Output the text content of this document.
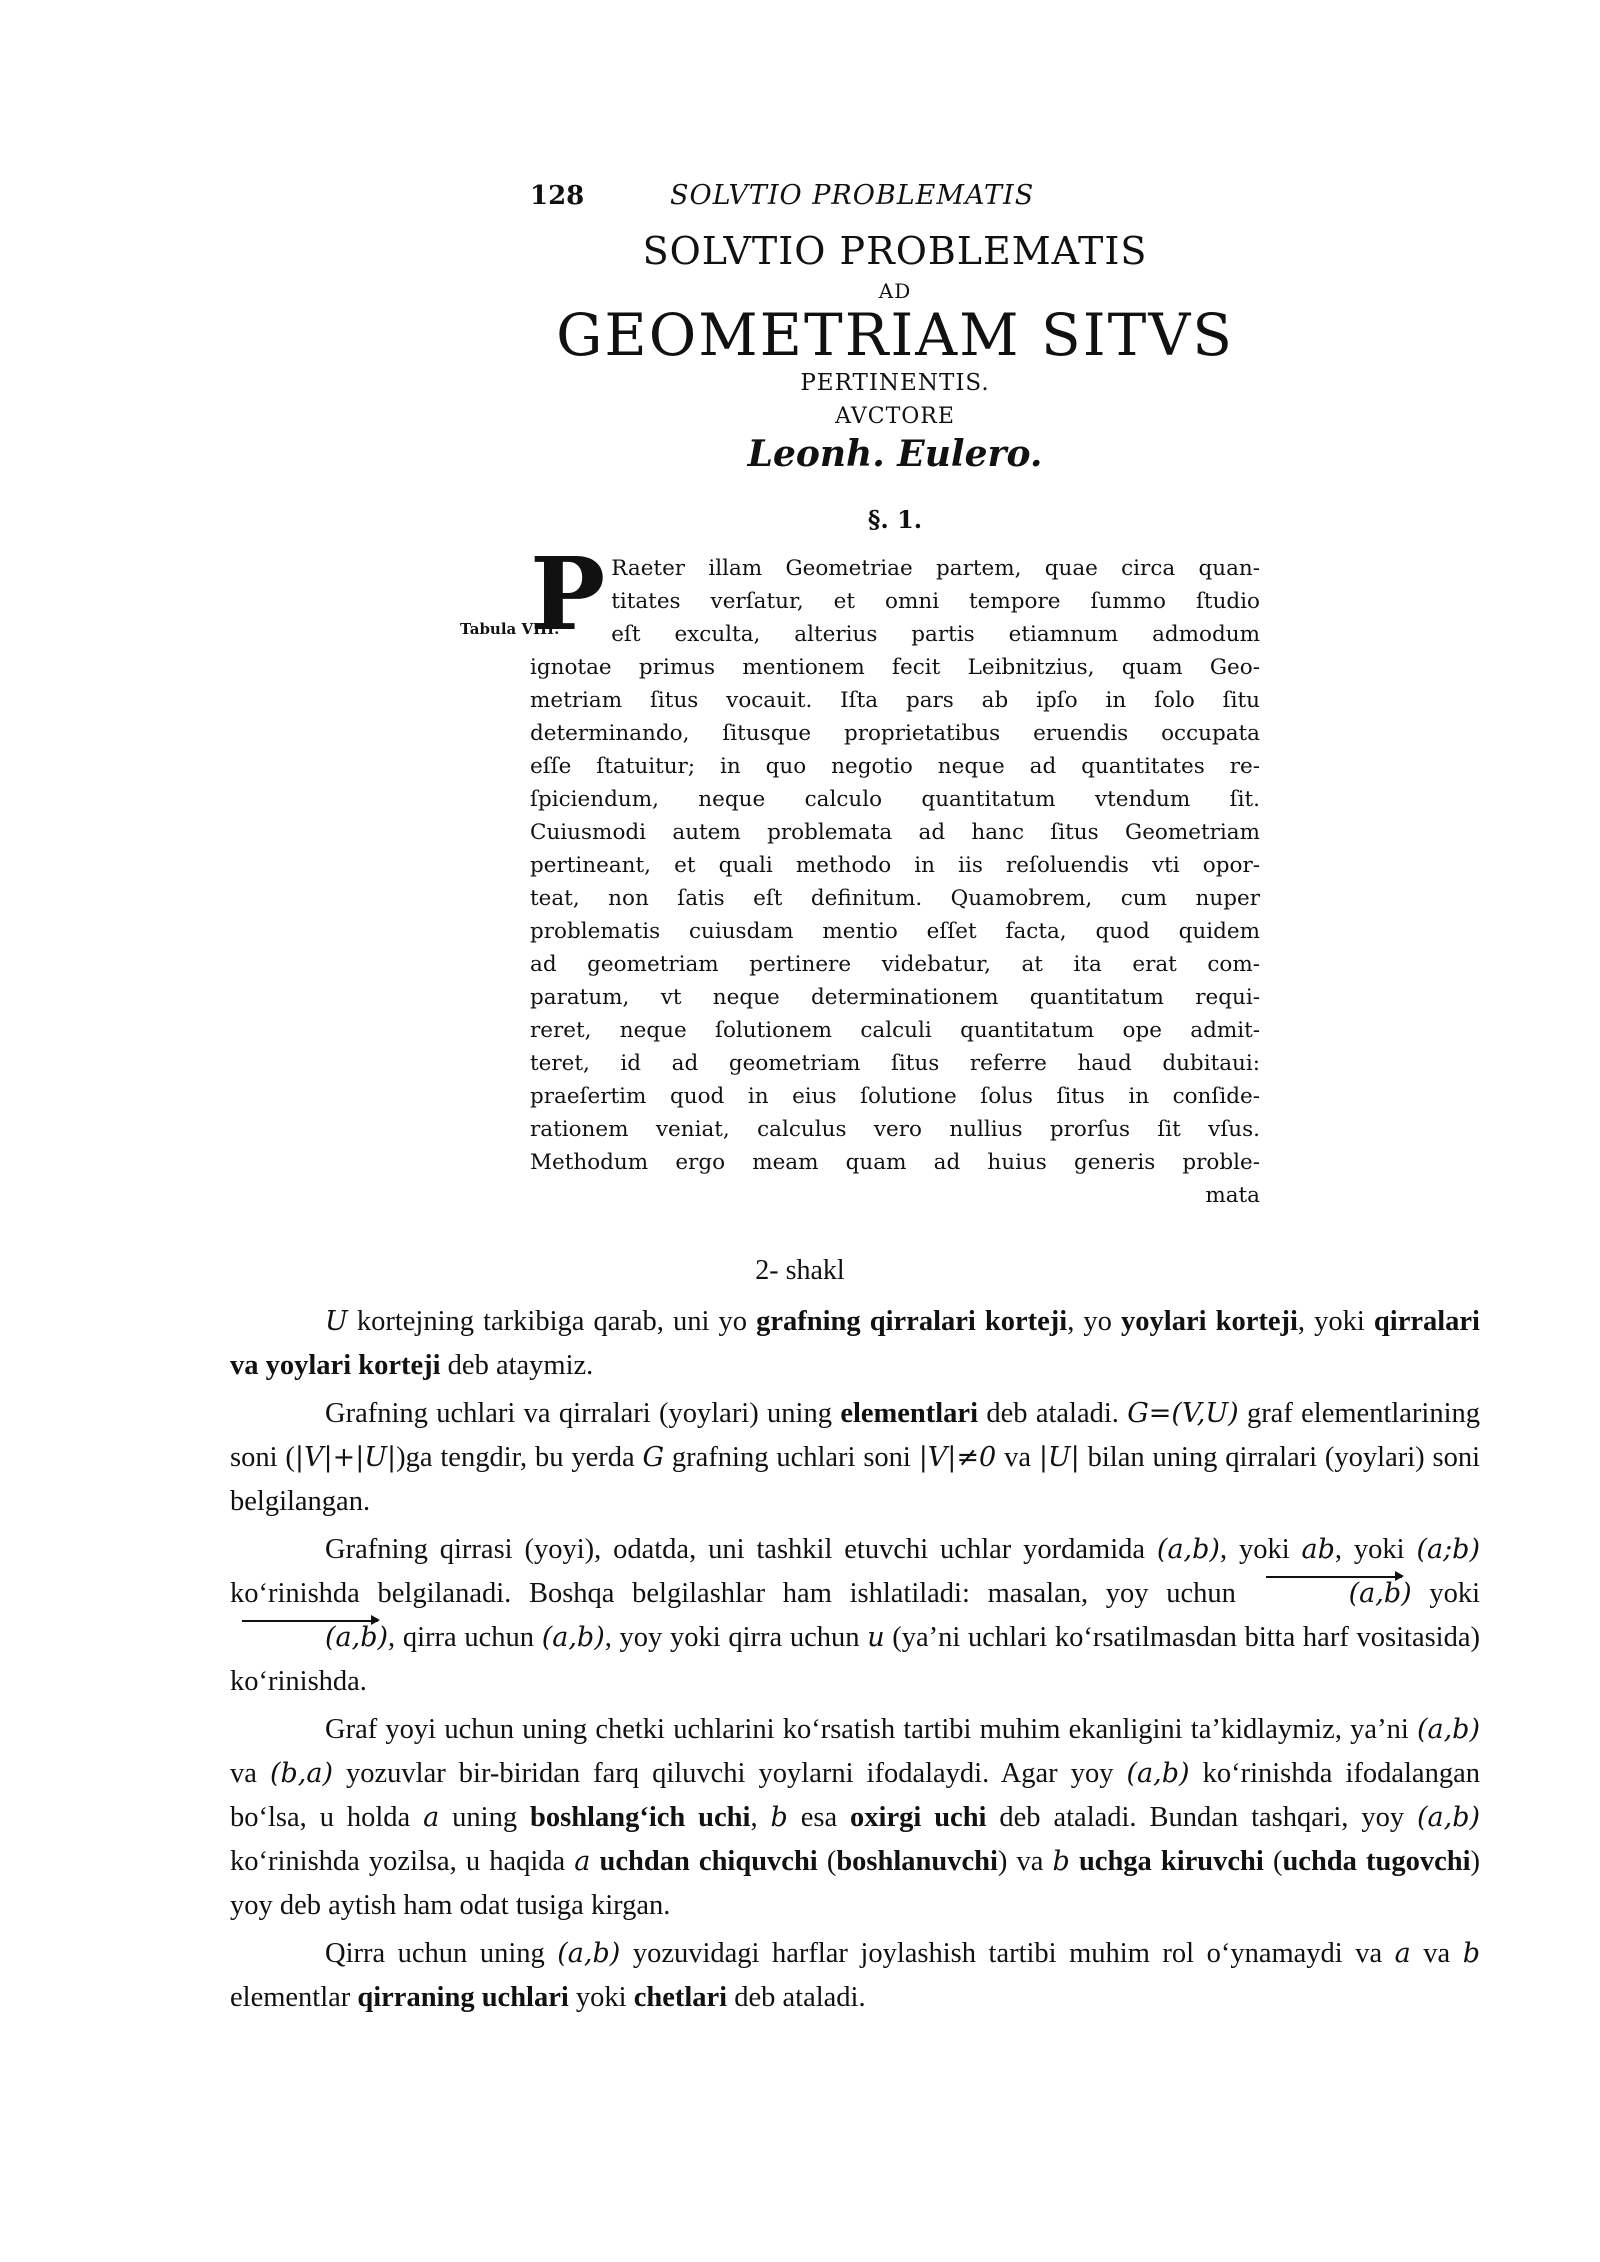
128	SOLVTIO PROBLEMATIS
SOLVTIO PROBLEMATIS
AD
GEOMETRIAM SITVS
PERTINENTIS.
AVCTORE
Leonh. Eulero.
§. 1.
Tabula VIII.
P Raeter illam Geometriae partem, quae circa quan-
titates verſatur, et omni tempore ſummo ſtudio
eſt exculta, alterius partis etiamnum admodum
ignotae primus mentionem fecit Leibnitzius, quam Geo-
metriam ſitus vocauit. Iſta pars ab ipſo in ſolo ſitu
determinando, ſitusque proprietatibus eruendis occupata
eſſe ſtatuitur; in quo negotio neque ad quantitates re-
ſpiciendum, neque calculo quantitatum vtendum ſit.
Cuiusmodi autem problemata ad hanc ſitus Geometriam
pertineant, et quali methodo in iis reſoluendis vti opor-
teat, non ſatis eſt definitum. Quamobrem, cum nuper
problematis cuiusdam mentio eſſet facta, quod quidem
ad geometriam pertinere videbatur, at ita erat com-
paratum, vt neque determinationem quantitatum requi-
reret, neque ſolutionem calculi quantitatum ope admit-
teret, id ad geometriam ſitus referre haud dubitaui:
praeſertim quod in eius ſolutione ſolus ſitus in conſide-
rationem veniat, calculus vero nullius prorſus ſit vſus.
Methodum ergo meam quam ad huius generis proble-
mata
2- shakl

U kortejning tarkibiga qarab, uni yo grafning qirralari korteji, yo yoylari korteji, yoki qirralari va yoylari korteji deb ataymiz.

Grafning uchlari va qirralari (yoylari) uning elementlari deb ataladi. G=(V,U) graf elementlarining soni (|V|+|U|)ga tengdir, bu yerda G grafning uchlari soni |V|≠0 va |U| bilan uning qirralari (yoylari) soni belgilangan.

Grafning qirrasi (yoyi), odatda, uni tashkil etuvchi uchlar yordamida (a,b), yoki ab, yoki (a;b) ko‘rinishda belgilanadi. Boshqa belgilashlar ham ishlatiladi: masalan, yoy uchun	(a,b) yoki (a,b), qirra uchun (a,b), yoy yoki qirra uchun u (ya’ni uchlari ko‘rsatilmasdan bitta harf vositasida) ko‘rinishda.

Graf yoyi uchun uning chetki uchlarini ko‘rsatish tartibi muhim ekanligini ta’kidlaymiz, ya’ni (a,b) va (b,a) yozuvlar bir-biridan farq qiluvchi yoylarni ifodalaydi. Agar yoy (a,b) ko‘rinishda ifodalangan bo‘lsa, u holda a uning boshlang‘ich uchi, b esa oxirgi uchi deb ataladi. Bundan tashqari, yoy (a,b) ko‘rinishda yozilsa, u haqida a uchdan chiquvchi (boshlanuvchi) va b uchga kiruvchi (uchda tugovchi) yoy deb aytish ham odat tusiga kirgan.

Qirra uchun uning (a,b) yozuvidagi harflar joylashish tartibi muhim rol o‘ynamaydi va a va b elementlar qirraning uchlari yoki chetlari deb ataladi.
